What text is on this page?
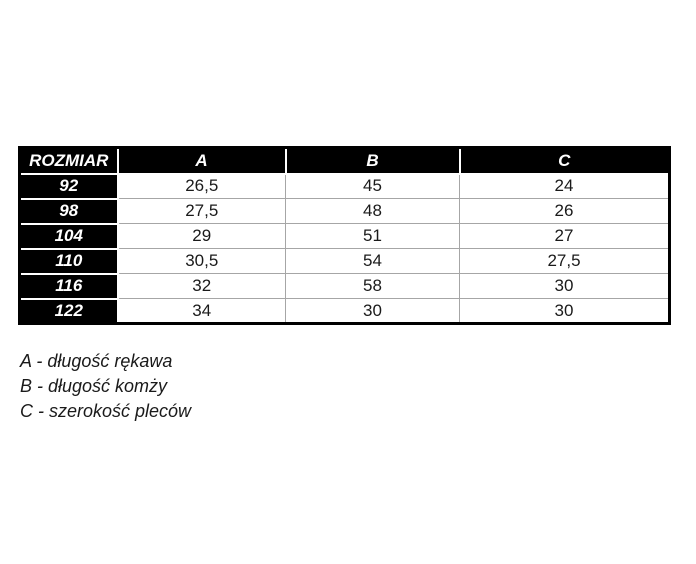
ROZMIAR	A	B	C
92	26,5	45	24
98	27,5	48	26
104	29	51	27
110	30,5	54	27,5
116	32	58	30
122	34	30	30
A - długość rękawa
B - długość komży
C - szerokość pleców
